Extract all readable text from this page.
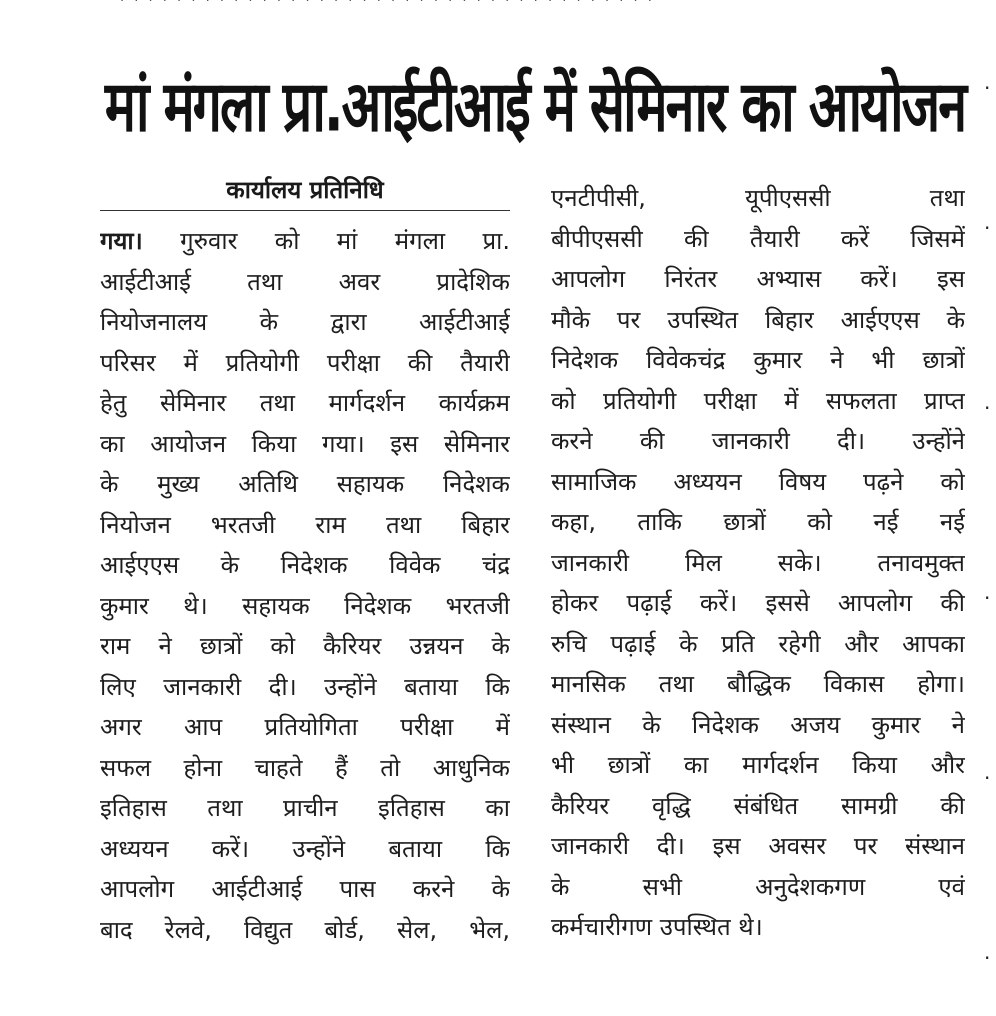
· · · · · · · · · · · · · · · · · · · · · · · · · · · · · · · · · · · · · ·
मां मंगला प्रा.आईटीआई में सेमिनार का आयोजन .
.
.
.
.
.
कार्यालय प्रतिनिधि
गया। गुरुवार को मां मंगला प्रा.
आईटीआई तथा अवर प्रादेशिक
नियोजनालय के द्वारा आईटीआई
परिसर में प्रतियोगी परीक्षा की तैयारी
हेतु सेमिनार तथा मार्गदर्शन कार्यक्रम
का आयोजन किया गया। इस सेमिनार
के मुख्य अतिथि सहायक निदेशक
नियोजन भरतजी राम तथा बिहार
आईएएस के निदेशक विवेक चंद्र
कुमार थे। सहायक निदेशक भरतजी
राम ने छात्रों को कैरियर उन्नयन के
लिए जानकारी दी। उन्होंने बताया कि
अगर आप प्रतियोगिता परीक्षा में
सफल होना चाहते हैं तो आधुनिक
इतिहास तथा प्राचीन इतिहास का
अध्ययन करें। उन्होंने बताया कि
आपलोग आईटीआई पास करने के
बाद रेलवे, विद्युत बोर्ड, सेल, भेल,
एनटीपीसी, यूपीएससी तथा
बीपीएससी की तैयारी करें जिसमें
आपलोग निरंतर अभ्यास करें। इस
मौके पर उपस्थित बिहार आईएएस के
निदेशक विवेकचंद्र कुमार ने भी छात्रों
को प्रतियोगी परीक्षा में सफलता प्राप्त
करने की जानकारी दी। उन्होंने
सामाजिक अध्ययन विषय पढ़ने को
कहा, ताकि छात्रों को नई नई
जानकारी मिल सके। तनावमुक्त
होकर पढ़ाई करें। इससे आपलोग की
रुचि पढ़ाई के प्रति रहेगी और आपका
मानसिक तथा बौद्धिक विकास होगा।
संस्थान के निदेशक अजय कुमार ने
भी छात्रों का मार्गदर्शन किया और
कैरियर वृद्धि संबंधित सामग्री की
जानकारी दी। इस अवसर पर संस्थान
के सभी अनुदेशकगण एवं
कर्मचारीगण उपस्थित थे।
